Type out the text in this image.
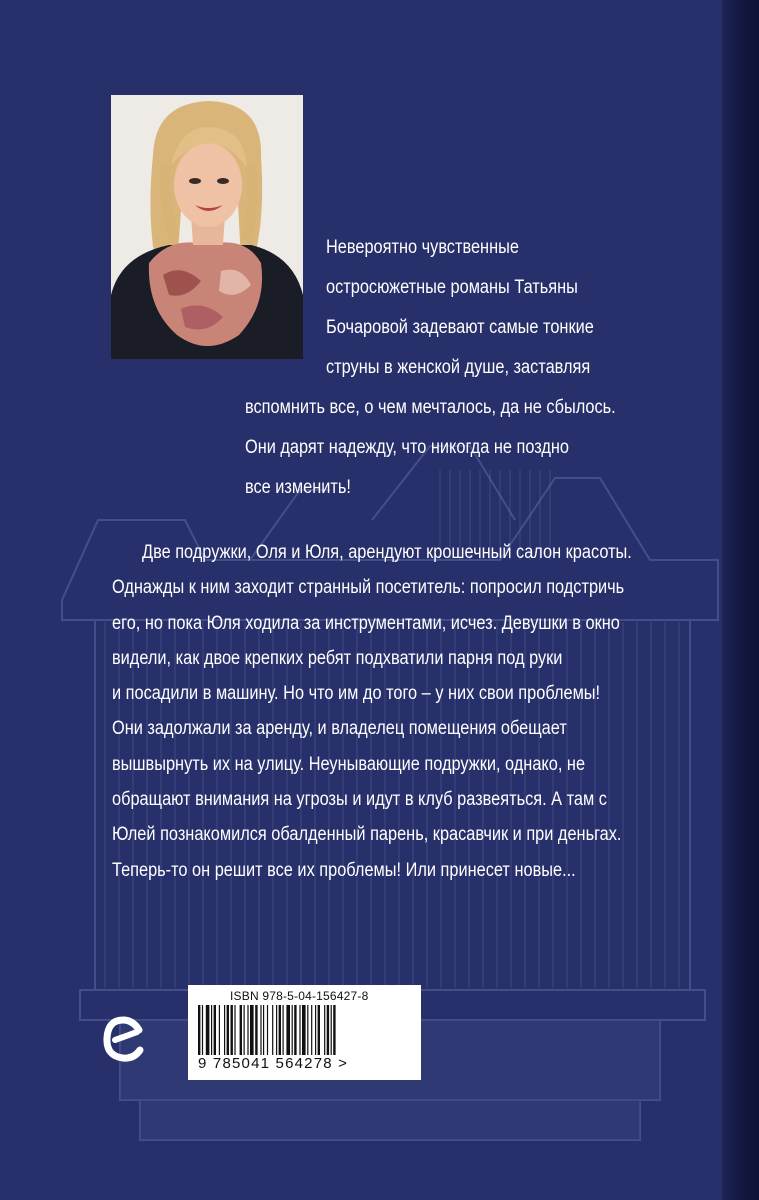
Невероятно чувственные
остросюжетные романы Татьяны
Бочаровой задевают самые тонкие
струны в женской душе, заставляя
вспомнить все, о чем мечталось, да не сбылось.
Они дарят надежду, что никогда не поздно
все изменить!
Две подружки, Оля и Юля, арендуют крошечный салон красоты.
Однажды к ним заходит странный посетитель: попросил подстричь
его, но пока Юля ходила за инструментами, исчез. Девушки в окно
видели, как двое крепких ребят подхватили парня под руки
и посадили в машину. Но что им до того – у них свои проблемы!
Они задолжали за аренду, и владелец помещения обещает
вышвырнуть их на улицу. Неунывающие подружки, однако, не
обращают внимания на угрозы и идут в клуб развеяться. А там с
Юлей познакомился обалденный парень, красавчик и при деньгах.
Теперь-то он решит все их проблемы! Или принесет новые...
ISBN 978-5-04-156427-8
9 785041 564278 >
